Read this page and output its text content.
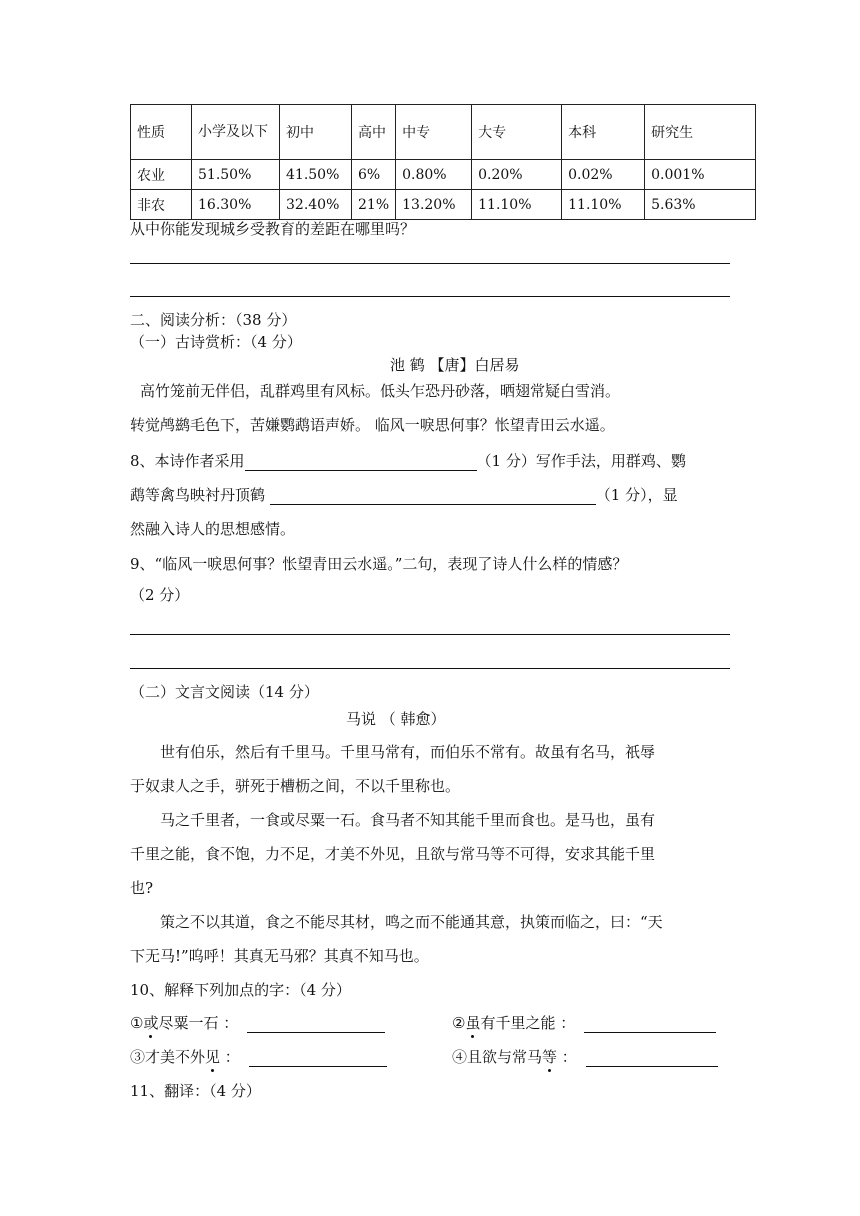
性质	小学及以下	初中	高中	中专	大专	本科	研究生
农业	51.50%	41.50%	6%	0.80%	0.20%	0.02%	0.001%
非农	16.30%	32.40%	21%	13.20%	11.10%	11.10%	5.63%
从中你能发现城乡受教育的差距在哪里吗？
二、阅读分析：（38 分）
（一）古诗赏析：（4 分）
池 鹤 【唐】白居易
高竹笼前无伴侣，乱群鸡里有风标。低头乍恐丹砂落，晒翅常疑白雪消。
转觉鸬鹚毛色下，苦嫌鹦鹉语声娇。 临风一唳思何事？怅望青田云水遥。
8、本诗作者采用	（1 分）写作手法，用群鸡、鹦
鹉等禽鸟映衬丹顶鹤	（1 分），显
然融入诗人的思想感情。
9、“临风一唳思何事？怅望青田云水遥。”二句，表现了诗人什么样的情感？
（2 分）
（二）文言文阅读（14 分）
马说 （ 韩愈）
世有伯乐，然后有千里马。千里马常有，而伯乐不常有。故虽有名马，祇辱
于奴隶人之手，骈死于槽枥之间，不以千里称也。
马之千里者，一食或尽粟一石。食马者不知其能千里而食也。是马也，虽有
千里之能，食不饱，力不足，才美不外见，且欲与常马等不可得，安求其能千里
也?
策之不以其道，食之不能尽其材，鸣之而不能通其意，执策而临之，曰：“天
下无马!”呜呼！其真无马邪？其真不知马也。
10、解释下列加点的字：（4 分）
①或尽粟一石 ：	②虽有千里之能 ：
③才美不外见 ：	④且欲与常马等 ：
11、翻译：（4 分）
